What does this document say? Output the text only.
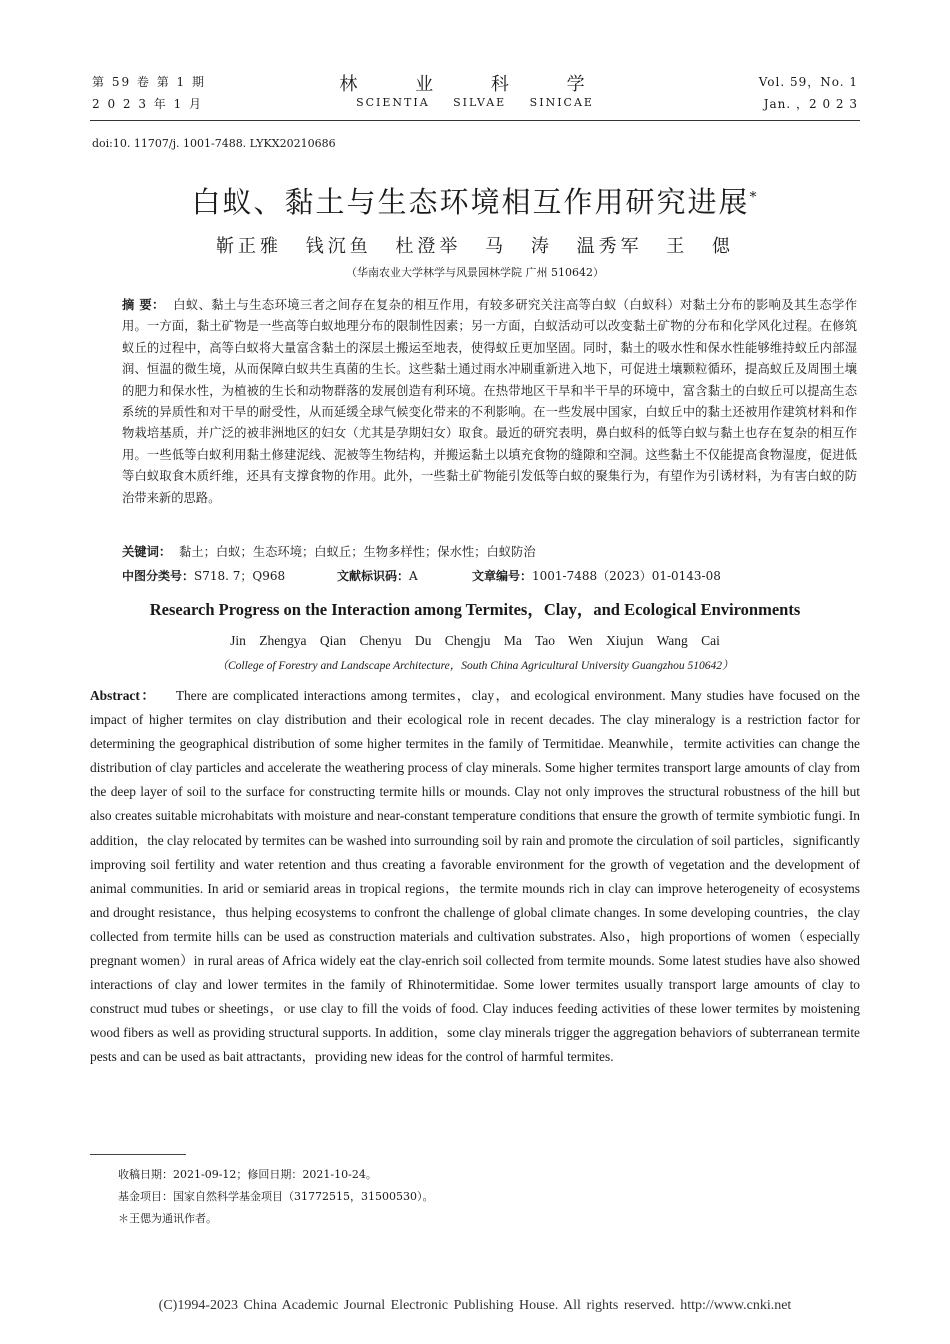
第 59 卷 第 1 期
2 0 2 3 年 1 月
林 业 科 学
SCIENTIA SILVAE SINICAE
Vol. 59，No. 1
Jan. ，2 0 2 3
doi:10. 11707/j. 1001-7488. LYKX20210686
白蚁、黏土与生态环境相互作用研究进展*
靳正雅 钱沉鱼 杜澄举 马 涛 温秀军 王 偲
（华南农业大学林学与风景园林学院 广州 510642）
摘 要： 白蚁、黏土与生态环境三者之间存在复杂的相互作用，有较多研究关注高等白蚁（白蚁科）对黏土分布的影响及其生态学作用。一方面，黏土矿物是一些高等白蚁地理分布的限制性因素；另一方面，白蚁活动可以改变黏土矿物的分布和化学风化过程。在修筑蚁丘的过程中，高等白蚁将大量富含黏土的深层土搬运至地表，使得蚁丘更加坚固。同时，黏土的吸水性和保水性能够维持蚁丘内部湿润、恒温的微生境，从而保障白蚁共生真菌的生长。这些黏土通过雨水冲刷重新进入地下，可促进土壤颗粒循环，提高蚁丘及周围土壤的肥力和保水性，为植被的生长和动物群落的发展创造有利环境。在热带地区干旱和半干旱的环境中，富含黏土的白蚁丘可以提高生态系统的异质性和对干旱的耐受性，从而延缓全球气候变化带来的不利影响。在一些发展中国家，白蚁丘中的黏土还被用作建筑材料和作物栽培基质，并广泛的被非洲地区的妇女（尤其是孕期妇女）取食。最近的研究表明，鼻白蚁科的低等白蚁与黏土也存在复杂的相互作用。一些低等白蚁利用黏土修建泥线、泥被等生物结构，并搬运黏土以填充食物的缝隙和空洞。这些黏土不仅能提高食物湿度，促进低等白蚁取食木质纤维，还具有支撑食物的作用。此外，一些黏土矿物能引发低等白蚁的聚集行为，有望作为引诱材料，为有害白蚁的防治带来新的思路。
关键词： 黏土；白蚁；生态环境；白蚁丘；生物多样性；保水性；白蚁防治
中图分类号：S718. 7；Q968	文献标识码：A	文章编号：1001-7488（2023）01-0143-08
Research Progress on the Interaction among Termites，Clay，and Ecological Environments
Jin Zhengya Qian Chenyu Du Chengju Ma Tao Wen Xiujun Wang Cai
（College of Forestry and Landscape Architecture，South China Agricultural University Guangzhou 510642）
Abstract： There are complicated interactions among termites，clay，and ecological environment. Many studies have focused on the impact of higher termites on clay distribution and their ecological role in recent decades. The clay mineralogy is a restriction factor for determining the geographical distribution of some higher termites in the family of Termitidae. Meanwhile，termite activities can change the distribution of clay particles and accelerate the weathering process of clay minerals. Some higher termites transport large amounts of clay from the deep layer of soil to the surface for constructing termite hills or mounds. Clay not only improves the structural robustness of the hill but also creates suitable microhabitats with moisture and near-constant temperature conditions that ensure the growth of termite symbiotic fungi. In addition，the clay relocated by termites can be washed into surrounding soil by rain and promote the circulation of soil particles，significantly improving soil fertility and water retention and thus creating a favorable environment for the growth of vegetation and the development of animal communities. In arid or semiarid areas in tropical regions，the termite mounds rich in clay can improve heterogeneity of ecosystems and drought resistance，thus helping ecosystems to confront the challenge of global climate changes. In some developing countries，the clay collected from termite hills can be used as construction materials and cultivation substrates. Also，high proportions of women（especially pregnant women）in rural areas of Africa widely eat the clay-enrich soil collected from termite mounds. Some latest studies have also showed interactions of clay and lower termites in the family of Rhinotermitidae. Some lower termites usually transport large amounts of clay to construct mud tubes or sheetings，or use clay to fill the voids of food. Clay induces feeding activities of these lower termites by moistening wood fibers as well as providing structural supports. In addition，some clay minerals trigger the aggregation behaviors of subterranean termite pests and can be used as bait attractants，providing new ideas for the control of harmful termites.
收稿日期：2021-09-12；修回日期：2021-10-24。
基金项目：国家自然科学基金项目（31772515，31500530）。
＊王偲为通讯作者。
(C)1994-2023 China Academic Journal Electronic Publishing House. All rights reserved. http://www.cnki.net
